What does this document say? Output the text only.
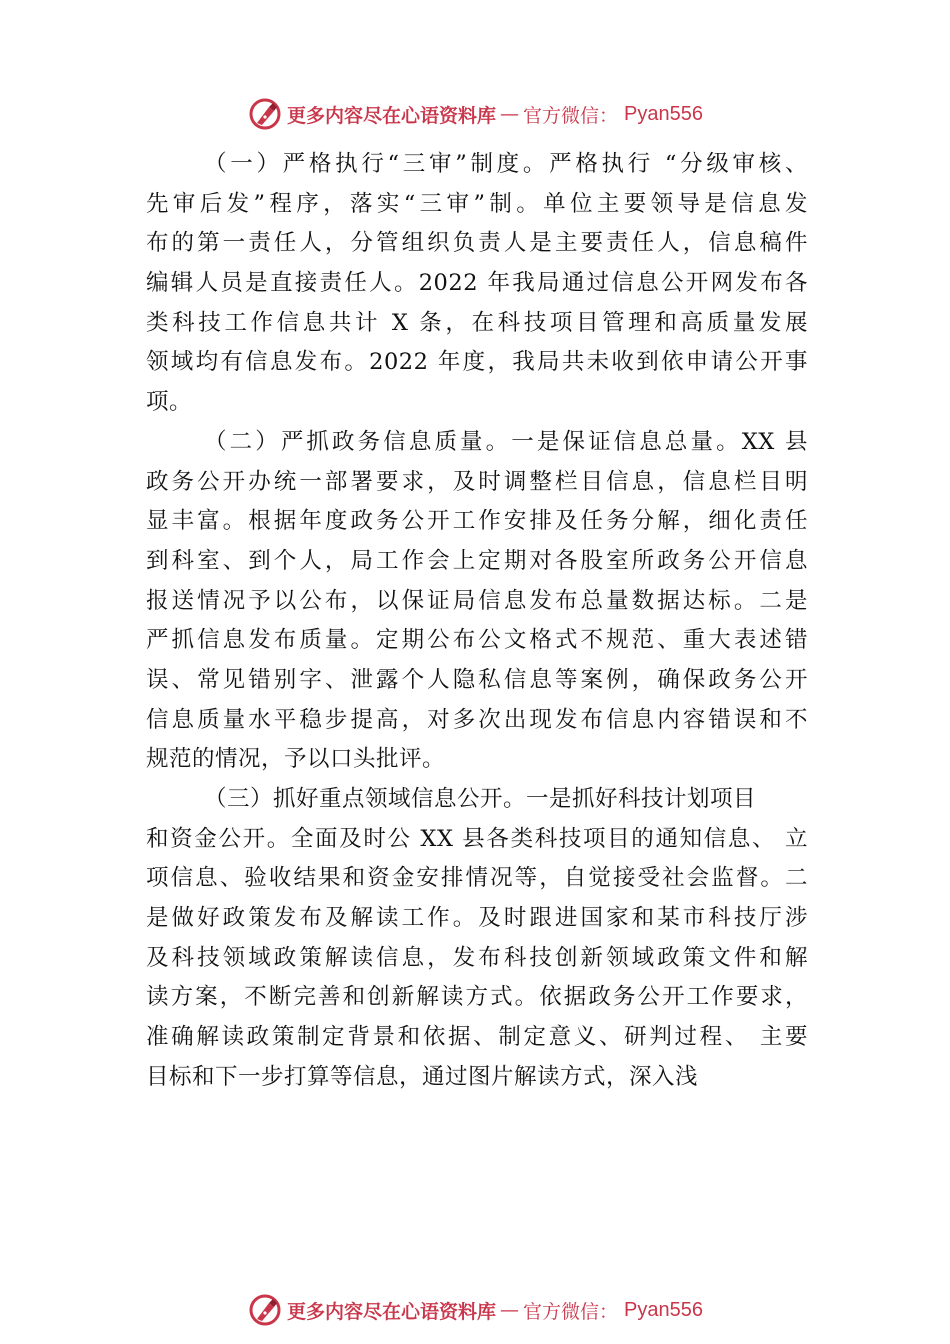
更多内容尽在心语资料库 — 官方微信： Pyan556
（一）严格执行“三审”制度。严格执行 “分级审核、
先审后发”程序，落实“三审”制。单位主要领导是信息发
布的第一责任人，分管组织负责人是主要责任人，信息稿件
编辑人员是直接责任人。2022 年我局通过信息公开网发布各
类科技工作信息共计 X 条，在科技项目管理和高质量发展
领域均有信息发布。2022 年度，我局共未收到依申请公开事
项。
（二）严抓政务信息质量。一是保证信息总量。XX 县
政务公开办统一部署要求，及时调整栏目信息，信息栏目明
显丰富。根据年度政务公开工作安排及任务分解，细化责任
到科室、到个人，局工作会上定期对各股室所政务公开信息
报送情况予以公布，以保证局信息发布总量数据达标。二是
严抓信息发布质量。定期公布公文格式不规范、重大表述错
误、常见错别字、泄露个人隐私信息等案例，确保政务公开
信息质量水平稳步提高，对多次出现发布信息内容错误和不
规范的情况，予以口头批评。
（三）抓好重点领域信息公开。一是抓好科技计划项目
和资金公开。全面及时公 XX 县各类科技项目的通知信息、 立
项信息、验收结果和资金安排情况等，自觉接受社会监督。二
是做好政策发布及解读工作。及时跟进国家和某市科技厅涉
及科技领域政策解读信息，发布科技创新领域政策文件和解
读方案，不断完善和创新解读方式。依据政务公开工作要求，
准确解读政策制定背景和依据、制定意义、研判过程、 主要
目标和下一步打算等信息，通过图片解读方式，深入浅
更多内容尽在心语资料库 — 官方微信： Pyan556
